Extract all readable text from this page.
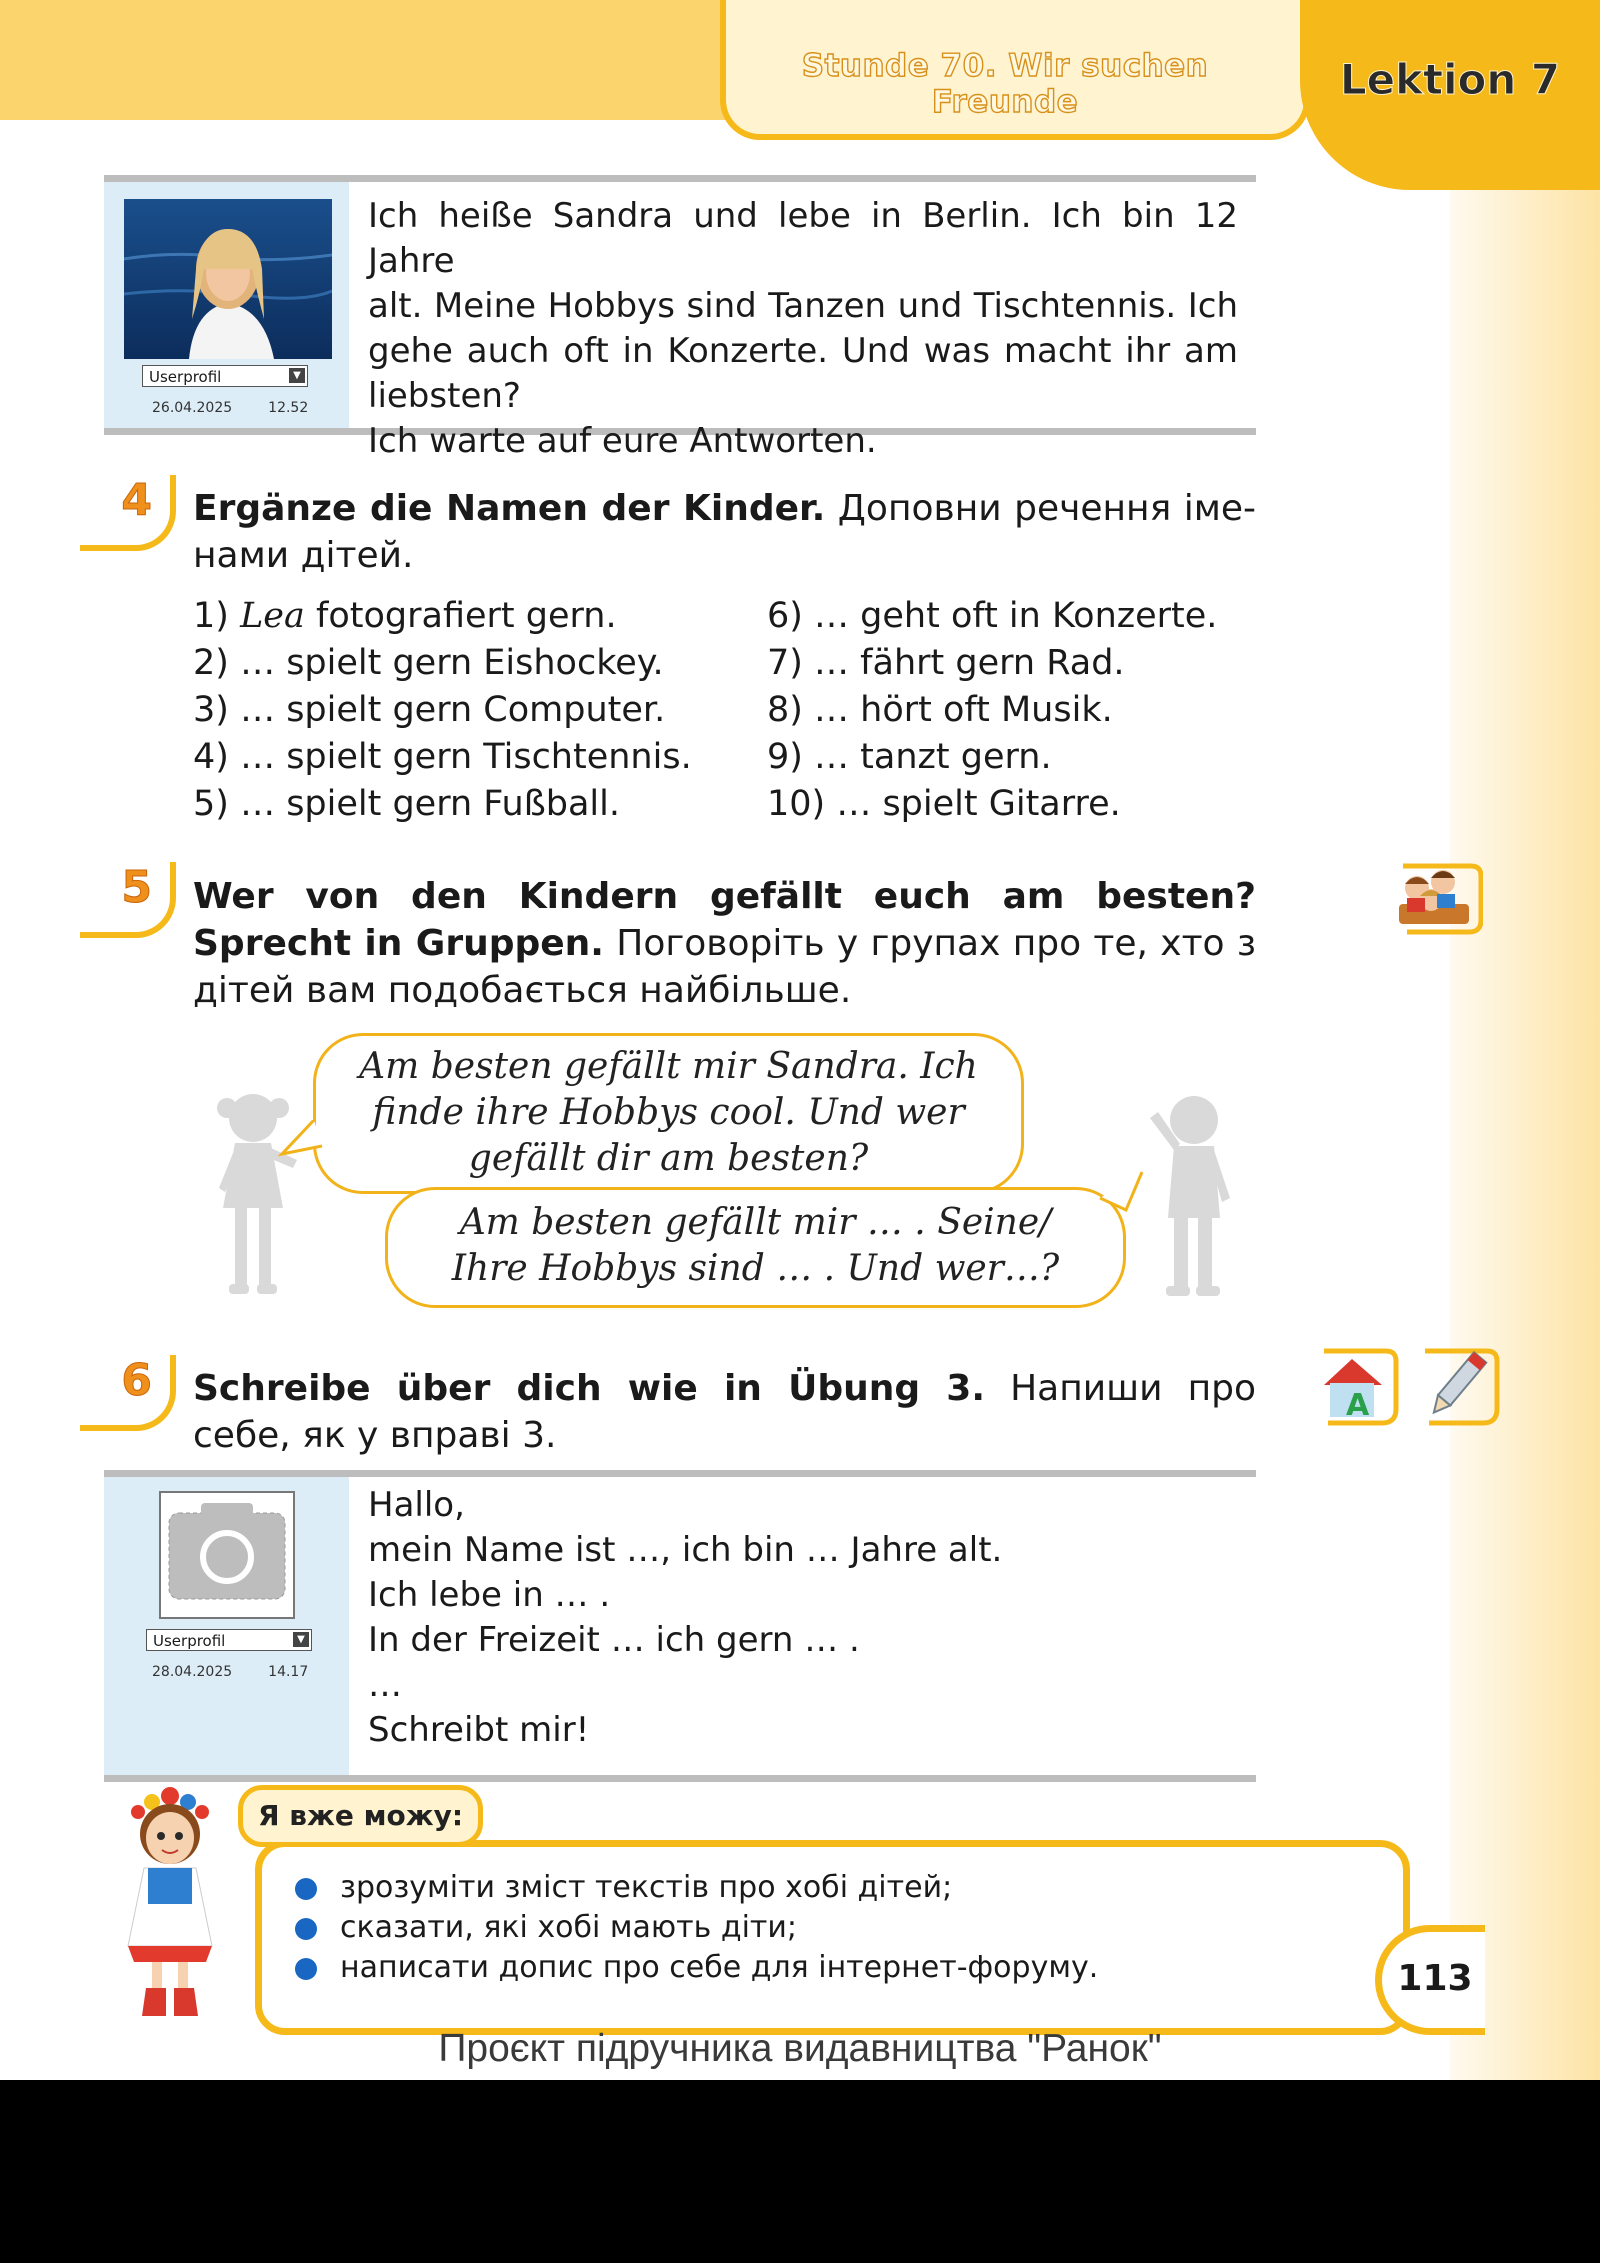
Stunde 70. Wir suchen Freunde	Lektion 7
Userprofil	▼
26.04.2025	12.52
Ich heiße Sandra und lebe in Berlin. Ich bin 12 Jahre
alt. Meine Hobbys sind Tanzen und Tischtennis. Ich
gehe auch oft in Konzerte. Und was macht ihr am
liebsten?
Ich warte auf eure Antworten.
4 Ergänze die Namen der Kinder. Доповни речення іме-нами дітей.
1) Lea fotografiert gern.
2) … spielt gern Eishockey.
3) … spielt gern Computer.
4) … spielt gern Tischtennis.
5) … spielt gern Fußball.
6) … geht oft in Konzerte.
7) … fährt gern Rad.
8) … hört oft Musik.
9) … tanzt gern.
10) … spielt Gitarre.
5 Wer von den Kindern gefällt euch am besten? Sprecht in Gruppen. Поговоріть у групах про те, хто з дітей вам подобається найбільше.
Am besten gefällt mir Sandra. Ich
finde ihre Hobbys cool. Und wer
gefällt dir am besten?
Am besten gefällt mir … . Seine/
Ihre Hobbys sind … . Und wer…?
6 Schreibe über dich wie in Übung 3. Напиши про себе, як у вправі 3.
A
Userprofil	▼
28.04.2025	14.17
Hallo,
mein Name ist …, ich bin … Jahre alt.
Ich lebe in … .
In der Freizeit … ich gern … .
…
Schreibt mir!
Я вже можу:
зрозуміти зміст текстів про хобі дітей;
сказати, які хобі мають діти;
написати допис про себе для інтернет-форуму.	113
Проєкт підручника видавництва "Ранок"
